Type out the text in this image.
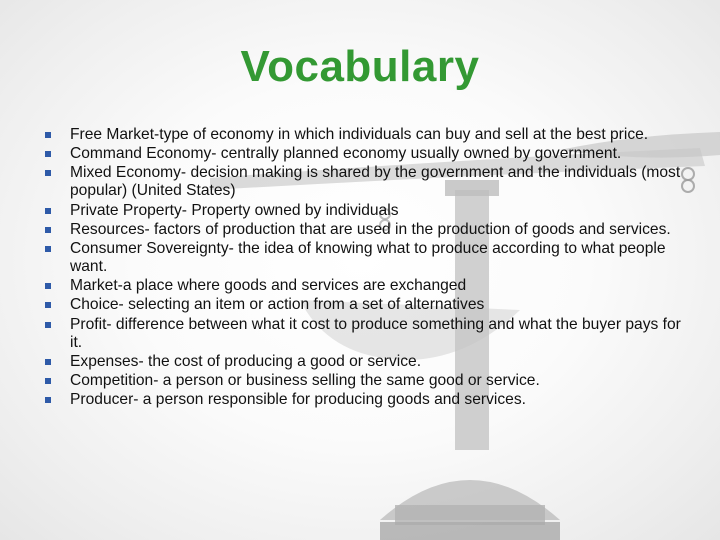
Vocabulary
Free Market-type of economy in which individuals can buy and sell at the best price.
Command Economy- centrally planned economy usually owned by government.
Mixed Economy- decision making is shared by the government and the individuals (most popular) (United States)
Private Property- Property owned by individuals
Resources- factors of production that are used in the production of goods and services.
Consumer Sovereignty- the idea of knowing what to produce according to what people want.
Market-a place where goods and services are exchanged
Choice- selecting an item or action from a set of alternatives
Profit- difference between what it cost to produce something and what the buyer pays for it.
Expenses- the cost of producing a good or service.
Competition- a person or business selling the same good or service.
Producer- a person responsible for producing goods and services.
